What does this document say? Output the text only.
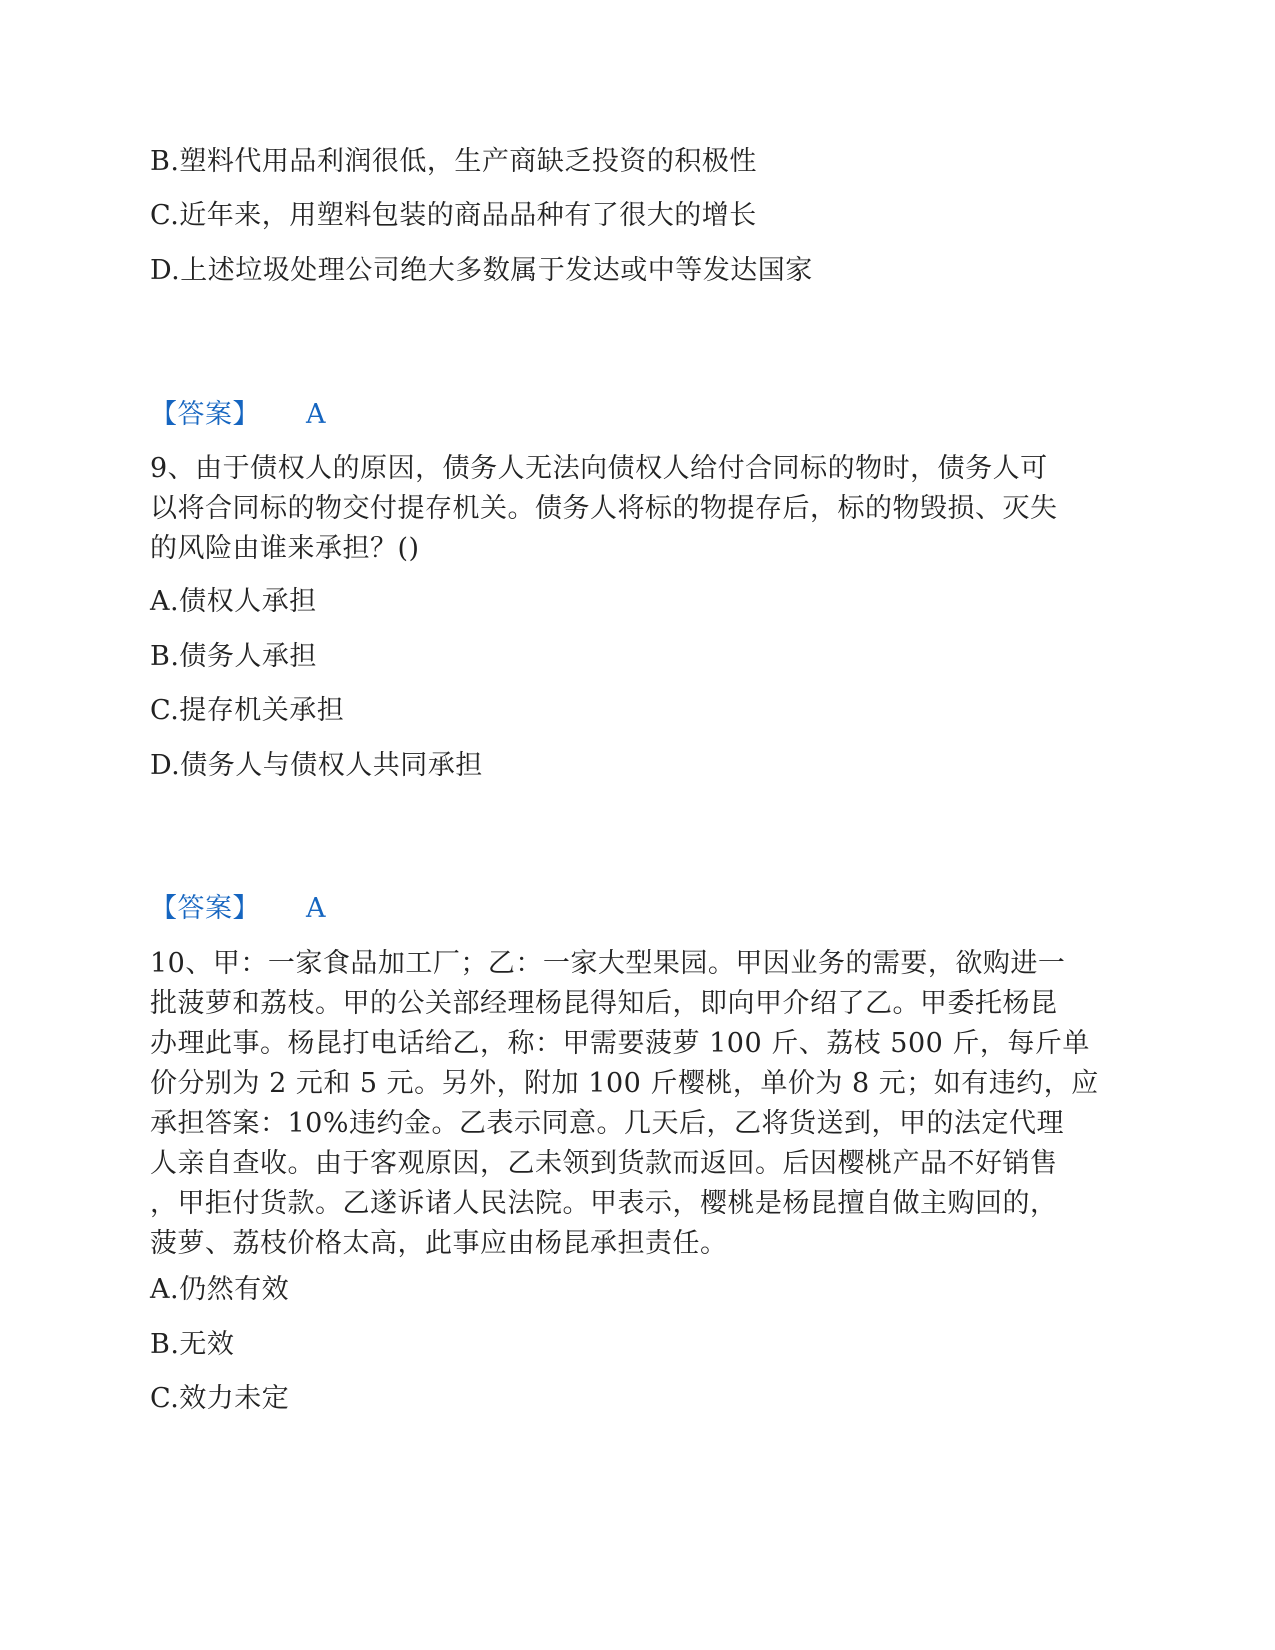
B.塑料代用品利润很低，生产商缺乏投资的积极性
C.近年来，用塑料包装的商品品种有了很大的增长
D.上述垃圾处理公司绝大多数属于发达或中等发达国家
【答案】 A
9、由于债权人的原因，债务人无法向债权人给付合同标的物时，债务人可
以将合同标的物交付提存机关。债务人将标的物提存后，标的物毁损、灭失
的风险由谁来承担？()
A.债权人承担
B.债务人承担
C.提存机关承担
D.债务人与债权人共同承担
【答案】 A
10、甲：一家食品加工厂；乙：一家大型果园。甲因业务的需要，欲购进一
批菠萝和荔枝。甲的公关部经理杨昆得知后，即向甲介绍了乙。甲委托杨昆
办理此事。杨昆打电话给乙，称：甲需要菠萝 100 斤、荔枝 500 斤，每斤单
价分别为 2 元和 5 元。另外，附加 100 斤樱桃，单价为 8 元；如有违约，应
承担答案：10%违约金。乙表示同意。几天后，乙将货送到，甲的法定代理
人亲自查收。由于客观原因，乙未领到货款而返回。后因樱桃产品不好销售
，甲拒付货款。乙遂诉诸人民法院。甲表示，樱桃是杨昆擅自做主购回的，
菠萝、荔枝价格太高，此事应由杨昆承担责任。
A.仍然有效
B.无效
C.效力未定
